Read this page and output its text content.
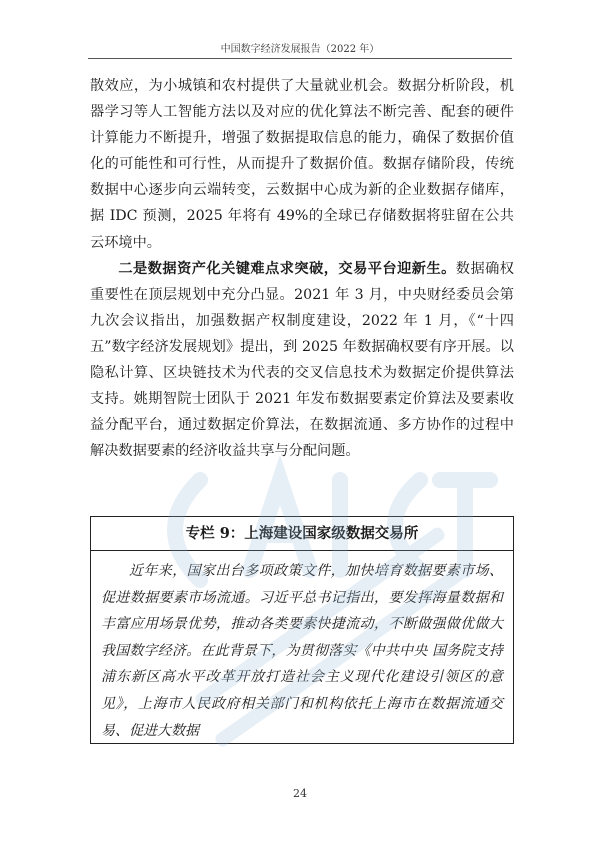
中国数字经济发展报告（2022 年）

散效应，为小城镇和农村提供了大量就业机会。数据分析阶段，机器学习等人工智能方法以及对应的优化算法不断完善、配套的硬件计算能力不断提升，增强了数据提取信息的能力，确保了数据价值化的可能性和可行性，从而提升了数据价值。数据存储阶段，传统数据中心逐步向云端转变，云数据中心成为新的企业数据存储库，据 IDC 预测，2025 年将有 49%的全球已存储数据将驻留在公共云环境中。

二是数据资产化关键难点求突破，交易平台迎新生。数据确权重要性在顶层规划中充分凸显。2021 年 3 月，中央财经委员会第九次会议指出，加强数据产权制度建设，2022 年 1 月，《“十四五”数字经济发展规划》提出，到 2025 年数据确权要有序开展。以隐私计算、区块链技术为代表的交叉信息技术为数据定价提供算法支持。姚期智院士团队于 2021 年发布数据要素定价算法及要素收益分配平台，通过数据定价算法，在数据流通、多方协作的过程中解决数据要素的经济收益共享与分配问题。

专栏 9：上海建设国家级数据交易所
近年来，国家出台多项政策文件，加快培育数据要素市场、促进数据要素市场流通。习近平总书记指出，要发挥海量数据和丰富应用场景优势，推动各类要素快捷流动，不断做强做优做大我国数字经济。在此背景下，为贯彻落实《中共中央 国务院支持浦东新区高水平改革开放打造社会主义现代化建设引领区的意见》，上海市人民政府相关部门和机构依托上海市在数据流通交易、促进大数据
24
